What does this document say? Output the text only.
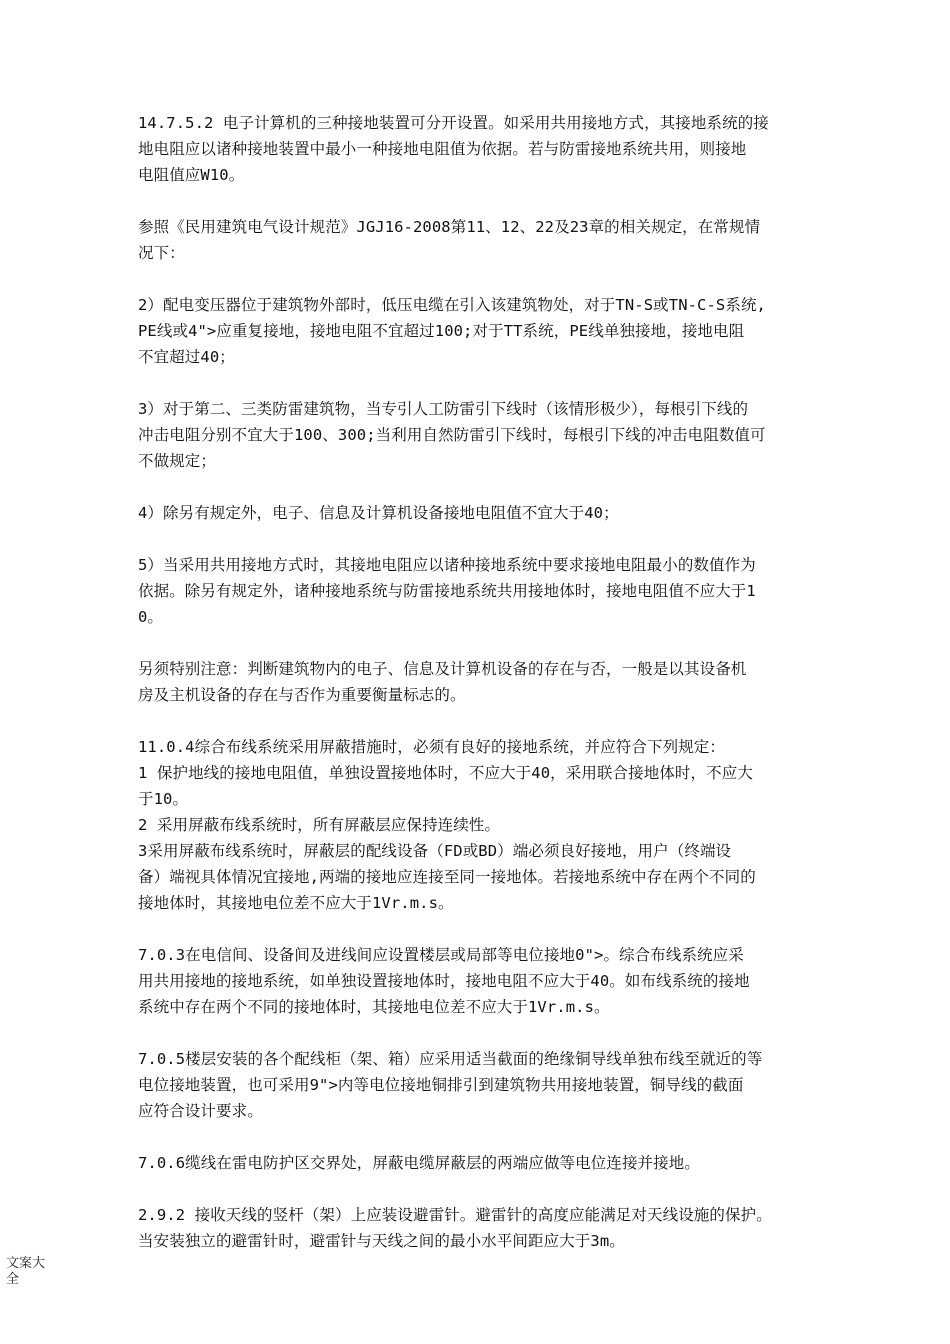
14.7.5.2 电子计算机的三种接地装置可分开设置。如采用共用接地方式，其接地系统的接
地电阻应以诸种接地装置中最小一种接地电阻值为依据。若与防雷接地系统共用，则接地
电阻值应W10。
参照《民用建筑电气设计规范》JGJ16-2008第11、12、22及23章的相关规定，在常规情
况下：
2）配电变压器位于建筑物外部时，低压电缆在引入该建筑物处，对于TN-S或TN-C-S系统,
PE线或4">应重复接地，接地电阻不宜超过100;对于TT系统，PE线单独接地，接地电阻
不宜超过40；
3）对于第二、三类防雷建筑物，当专引人工防雷引下线时（该情形极少），每根引下线的
冲击电阻分别不宜大于100、300;当利用自然防雷引下线时，每根引下线的冲击电阻数值可
不做规定；
4）除另有规定外，电子、信息及计算机设备接地电阻值不宜大于40；
5）当采用共用接地方式时，其接地电阻应以诸种接地系统中要求接地电阻最小的数值作为
依据。除另有规定外，诸种接地系统与防雷接地系统共用接地体时，接地电阻值不应大于1
0。
另须特别注意：判断建筑物内的电子、信息及计算机设备的存在与否，一般是以其设备机
房及主机设备的存在与否作为重要衡量标志的。
11.0.4综合布线系统采用屏蔽措施时，必须有良好的接地系统，并应符合下列规定：
1 保护地线的接地电阻值，单独设置接地体时，不应大于40，采用联合接地体时，不应大
于10。
2 采用屏蔽布线系统时，所有屏蔽层应保持连续性。
3采用屏蔽布线系统时，屏蔽层的配线设备（FD或BD）端必须良好接地，用户（终端设
备）端视具体情况宜接地,两端的接地应连接至同一接地体。若接地系统中存在两个不同的
接地体时，其接地电位差不应大于1Vr.m.s。
7.0.3在电信间、设备间及进线间应设置楼层或局部等电位接地0">。综合布线系统应采
用共用接地的接地系统，如单独设置接地体时，接地电阻不应大于40。如布线系统的接地
系统中存在两个不同的接地体时，其接地电位差不应大于1Vr.m.s。
7.0.5楼层安装的各个配线柜（架、箱）应采用适当截面的绝缘铜导线单独布线至就近的等
电位接地装置，也可采用9">内等电位接地铜排引到建筑物共用接地装置，铜导线的截面
应符合设计要求。
7.0.6缆线在雷电防护区交界处，屏蔽电缆屏蔽层的两端应做等电位连接并接地。
2.9.2 接收天线的竖杆（架）上应装设避雷针。避雷针的高度应能满足对天线设施的保护。
当安装独立的避雷针时，避雷针与天线之间的最小水平间距应大于3m。
文案大
全
